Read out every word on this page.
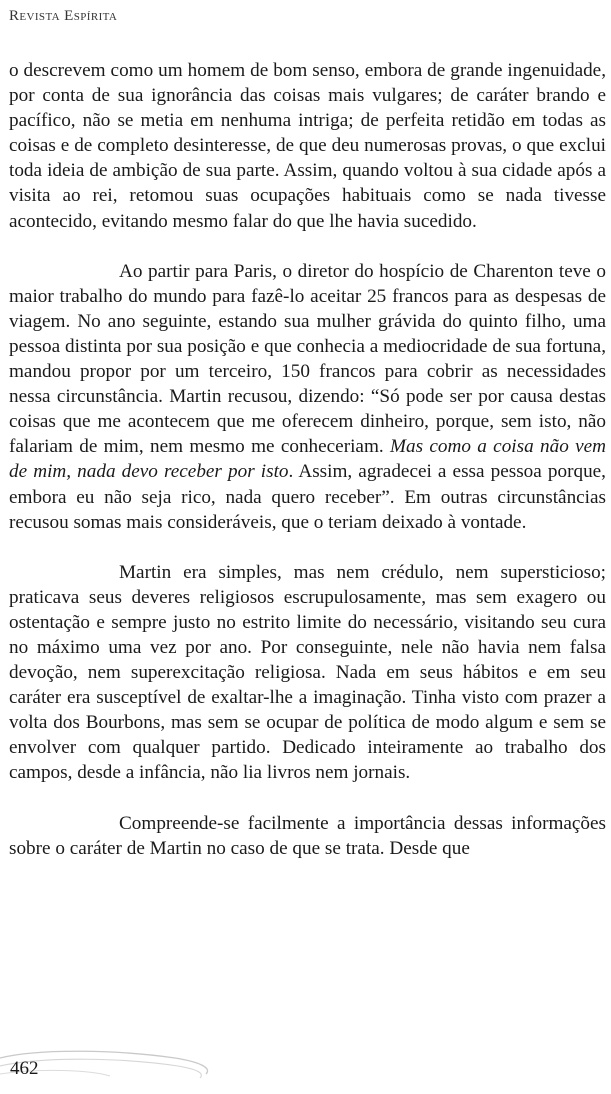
Revista Espírita

o descrevem como um homem de bom senso, embora de grande ingenuidade, por conta de sua ignorância das coisas mais vulgares; de caráter brando e pacífico, não se metia em nenhuma intriga; de perfeita retidão em todas as coisas e de completo desinteresse, de que deu numerosas provas, o que exclui toda ideia de ambição de sua parte. Assim, quando voltou à sua cidade após a visita ao rei, retomou suas ocupações habituais como se nada tivesse acontecido, evitando mesmo falar do que lhe havia sucedido.

Ao partir para Paris, o diretor do hospício de Charenton teve o maior trabalho do mundo para fazê-lo aceitar 25 francos para as despesas de viagem. No ano seguinte, estando sua mulher grávida do quinto filho, uma pessoa distinta por sua posição e que conhecia a mediocridade de sua fortuna, mandou propor por um terceiro, 150 francos para cobrir as necessidades nessa circunstância. Martin recusou, dizendo: “Só pode ser por causa destas coisas que me acontecem que me oferecem dinheiro, porque, sem isto, não falariam de mim, nem mesmo me conheceriam. Mas como a coisa não vem de mim, nada devo receber por isto. Assim, agradecei a essa pessoa porque, embora eu não seja rico, nada quero receber”. Em outras circunstâncias recusou somas mais consideráveis, que o teriam deixado à vontade.

Martin era simples, mas nem crédulo, nem supersticioso; praticava seus deveres religiosos escrupulosamente, mas sem exagero ou ostentação e sempre justo no estrito limite do necessário, visitando seu cura no máximo uma vez por ano. Por conseguinte, nele não havia nem falsa devoção, nem superexcitação religiosa. Nada em seus hábitos e em seu caráter era susceptível de exaltar-lhe a imaginação. Tinha visto com prazer a volta dos Bourbons, mas sem se ocupar de política de modo algum e sem se envolver com qualquer partido. Dedicado inteiramente ao trabalho dos campos, desde a infância, não lia livros nem jornais.

Compreende-se facilmente a importância dessas informações sobre o caráter de Martin no caso de que se trata. Desde que

462
